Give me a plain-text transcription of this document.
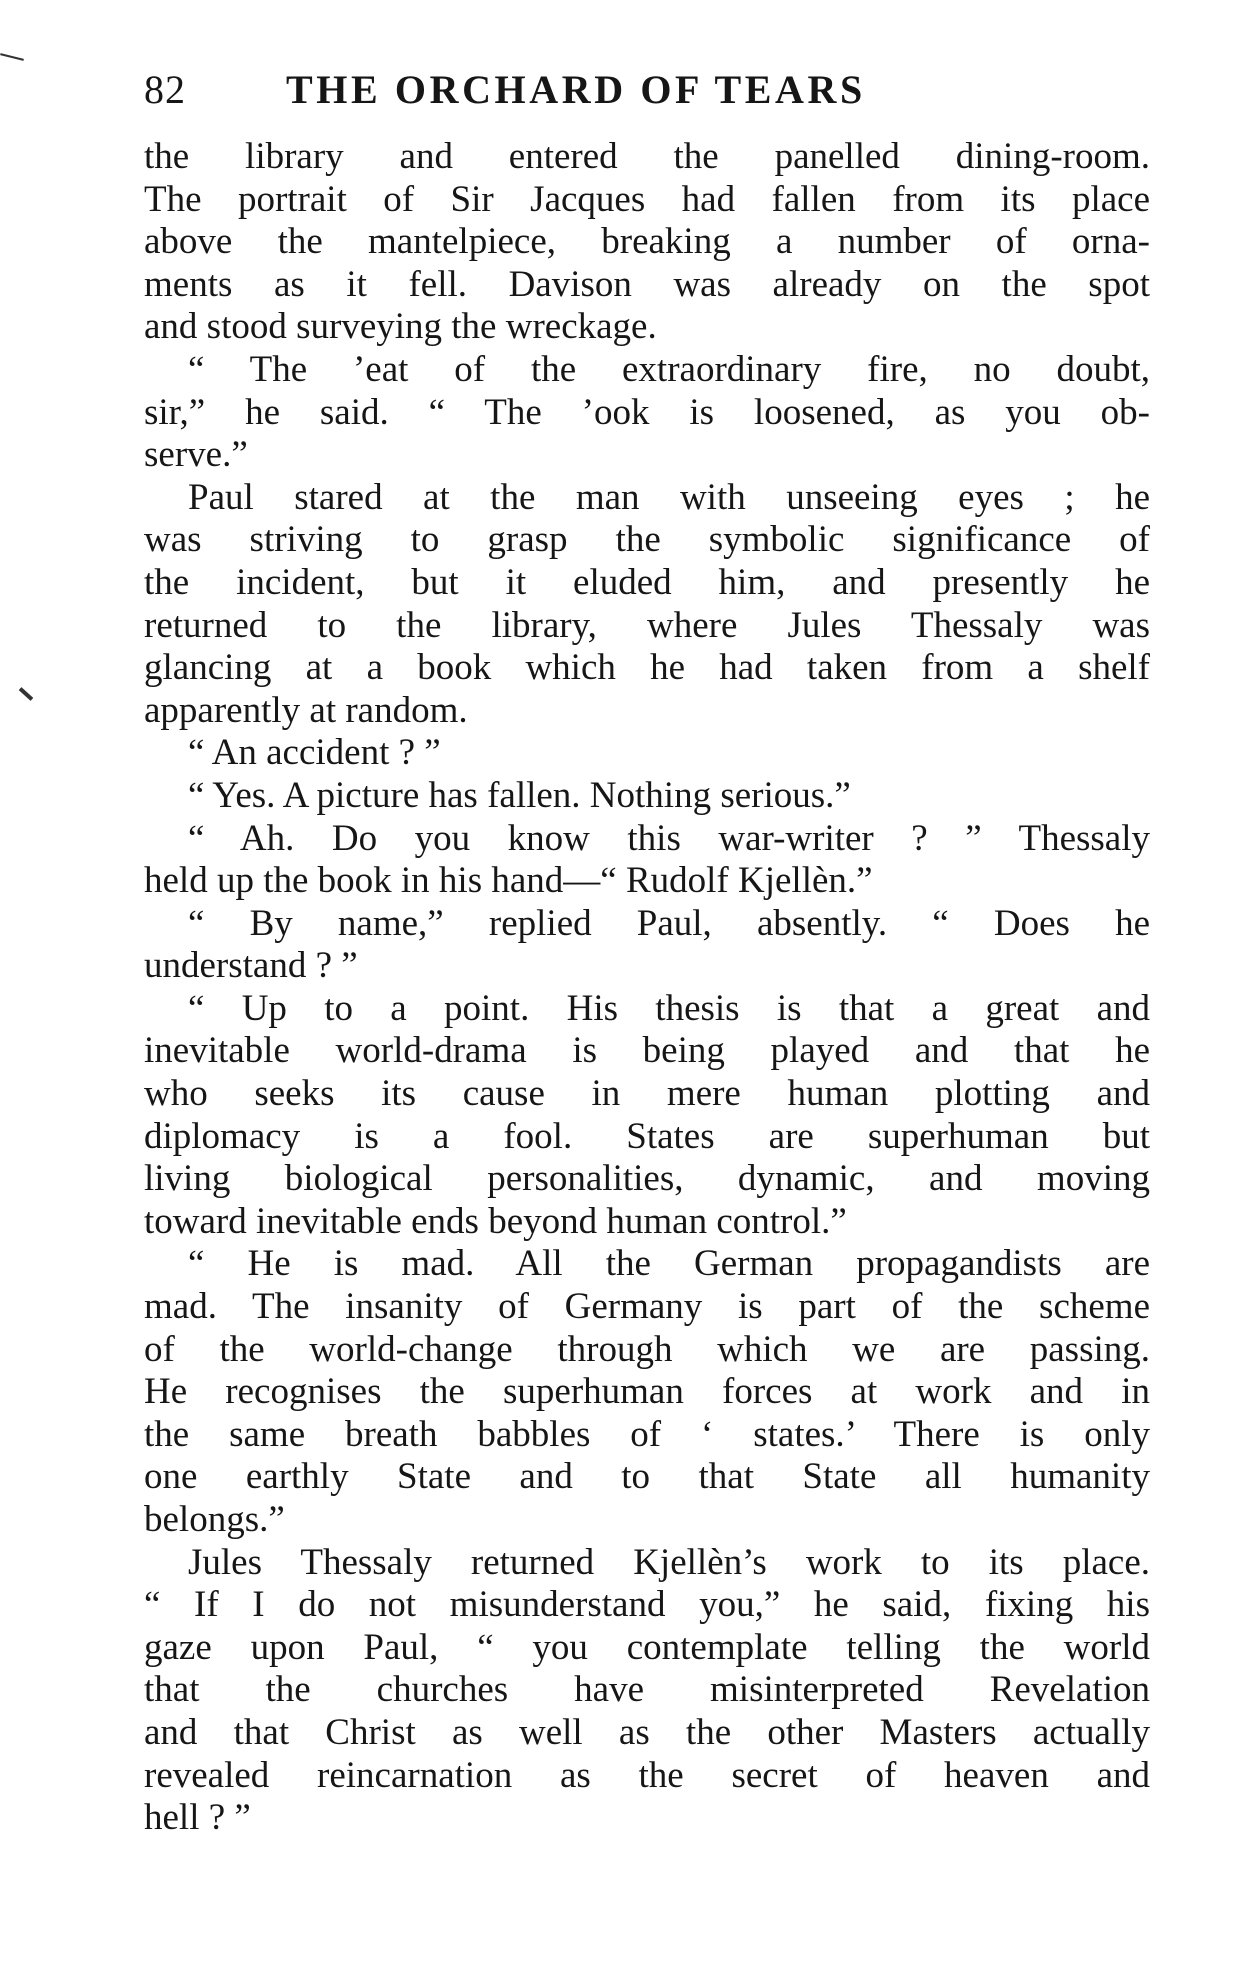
82	THE ORCHARD OF TEARS
the library and entered the panelled dining-room.
The portrait of Sir Jacques had fallen from its place
above the mantelpiece, breaking a number of orna-
ments as it fell. Davison was already on the spot
and stood surveying the wreckage.
“ The ’eat of the extraordinary fire, no doubt,
sir,” he said. “ The ’ook is loosened, as you ob-
serve.”
Paul stared at the man with unseeing eyes ; he
was striving to grasp the symbolic significance of
the incident, but it eluded him, and presently he
returned to the library, where Jules Thessaly was
glancing at a book which he had taken from a shelf
apparently at random.
“ An accident ? ”
“ Yes. A picture has fallen. Nothing serious.”
“ Ah. Do you know this war-writer ? ” Thessaly
held up the book in his hand—“ Rudolf Kjellèn.”
“ By name,” replied Paul, absently. “ Does he
understand ? ”
“ Up to a point. His thesis is that a great and
inevitable world-drama is being played and that he
who seeks its cause in mere human plotting and
diplomacy is a fool. States are superhuman but
living biological personalities, dynamic, and moving
toward inevitable ends beyond human control.”
“ He is mad. All the German propagandists are
mad. The insanity of Germany is part of the scheme
of the world-change through which we are passing.
He recognises the superhuman forces at work and in
the same breath babbles of ‘ states.’ There is only
one earthly State and to that State all humanity
belongs.”
Jules Thessaly returned Kjellèn’s work to its place.
“ If I do not misunderstand you,” he said, fixing his
gaze upon Paul, “ you contemplate telling the world
that the churches have misinterpreted Revelation
and that Christ as well as the other Masters actually
revealed reincarnation as the secret of heaven and
hell ? ”
